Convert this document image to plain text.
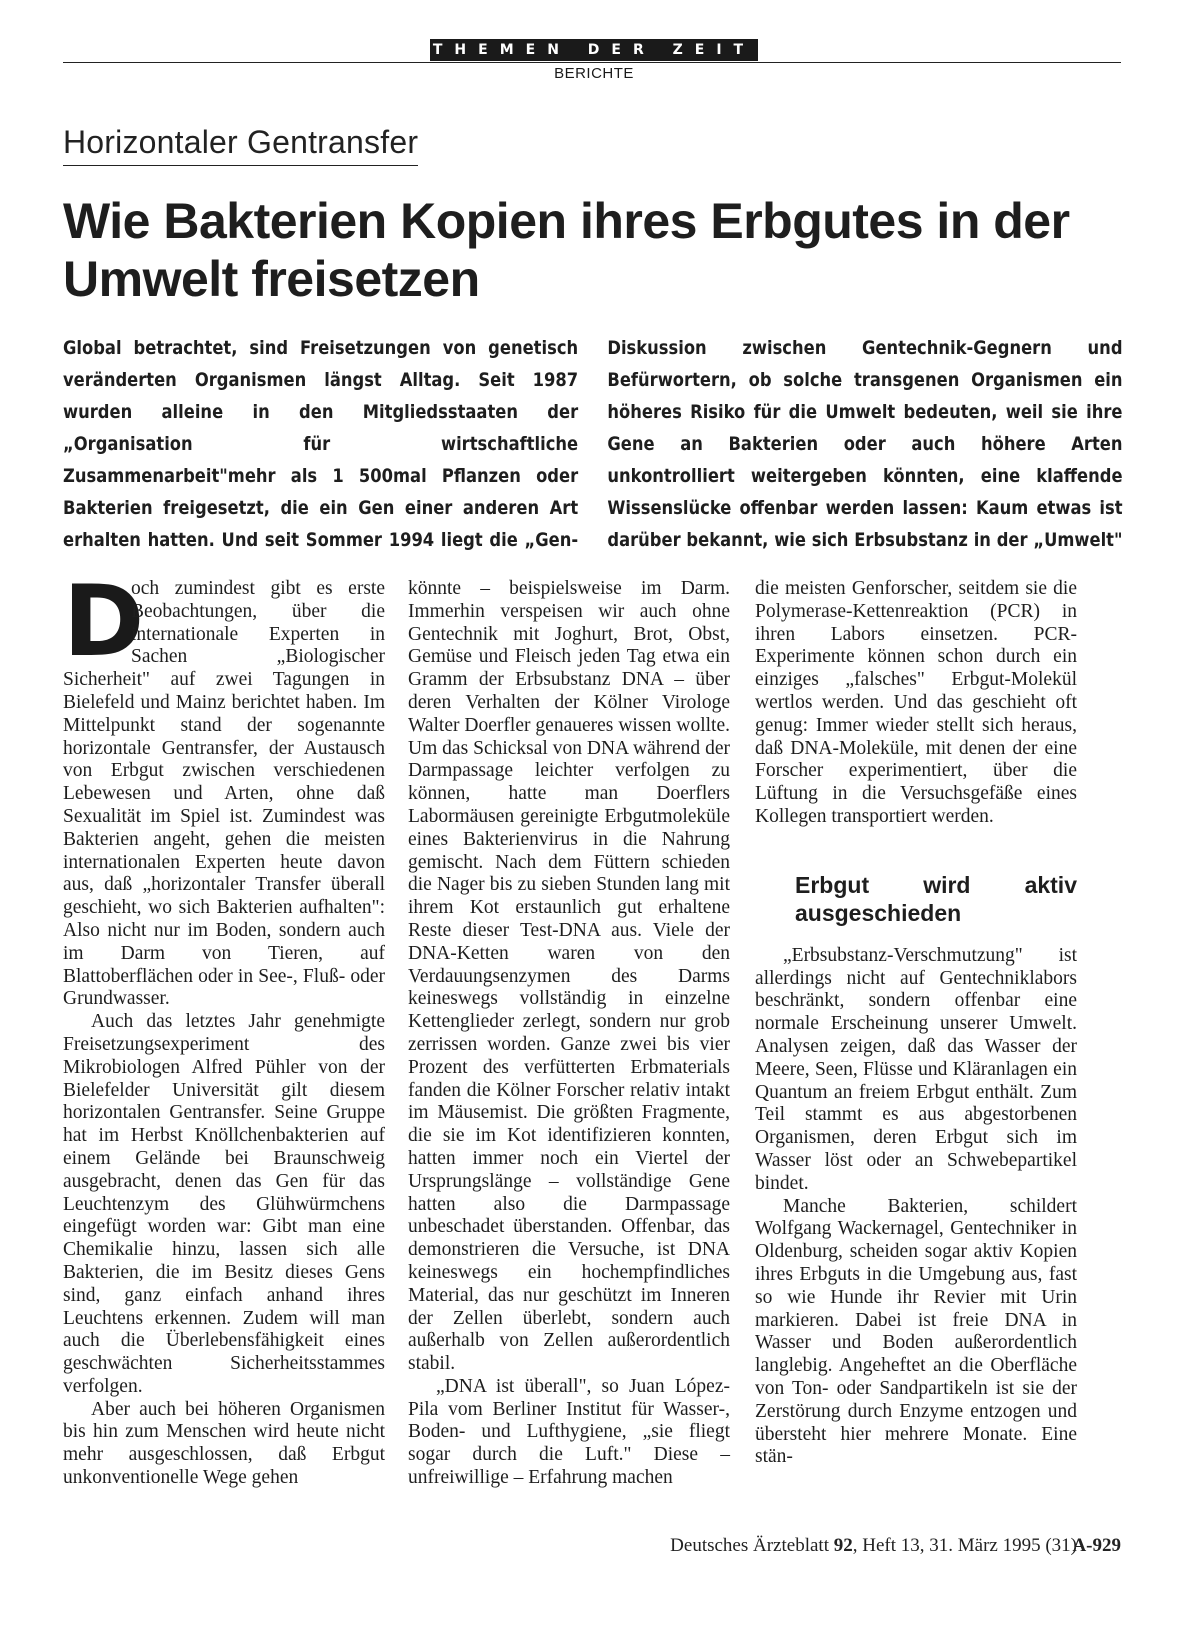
THEMEN DER ZEIT
BERICHTE
Horizontaler Gentransfer
Wie Bakterien Kopien ihres Erbgutes in der Umwelt freisetzen
Global betrachtet, sind Freisetzungen von genetisch veränderten Organismen längst Alltag. Seit 1987 wurden alleine in den Mitgliedsstaaten der „Organisation für wirtschaftliche Zusammenarbeit"mehr als 1 500mal Pflanzen oder Bakterien freigesetzt, die ein Gen einer anderen Art erhalten hatten. Und seit Sommer 1994 liegt die „Gen- Diskussion zwischen Gentechnik-Gegnern und Befürwortern, ob solche transgenen Organismen ein höheres Risiko für die Umwelt bedeuten, weil sie ihre Gene an Bakterien oder auch höhere Arten unkontrolliert weitergeben könnten, eine klaffende Wissenslücke offenbar werden lassen: Kaum etwas ist darüber bekannt, wie sich Erbsubstanz in der „Umwelt"

D
och zumindest gibt es erste Beobachtungen, über die internationale Experten in Sachen „Biologischer Sicherheit" auf zwei Tagungen in Bielefeld und Mainz berichtet haben. Im Mittelpunkt stand der sogenannte horizontale Gentransfer, der Austausch von Erbgut zwischen verschiedenen Lebewesen und Arten, ohne daß Sexualität im Spiel ist. Zumindest was Bakterien angeht, gehen die meisten internationalen Experten heute davon aus, daß „horizontaler Transfer überall geschieht, wo sich Bakterien aufhalten": Also nicht nur im Boden, sondern auch im Darm von Tieren, auf Blattoberflächen oder in See-, Fluß- oder Grundwasser.

Auch das letztes Jahr genehmigte Freisetzungsexperiment des Mikrobiologen Alfred Pühler von der Bielefelder Universität gilt diesem horizontalen Gentransfer. Seine Gruppe hat im Herbst Knöllchenbakterien auf einem Gelände bei Braunschweig ausgebracht, denen das Gen für das Leuchtenzym des Glühwürmchens eingefügt worden war: Gibt man eine Chemikalie hinzu, lassen sich alle Bakterien, die im Besitz dieses Gens sind, ganz einfach anhand ihres Leuchtens erkennen. Zudem will man auch die Überlebensfähigkeit eines geschwächten Sicherheitsstammes verfolgen.

Aber auch bei höheren Organismen bis hin zum Menschen wird heute nicht mehr ausgeschlossen, daß Erbgut unkonventionelle Wege gehen

könnte – beispielsweise im Darm. Immerhin verspeisen wir auch ohne Gentechnik mit Joghurt, Brot, Obst, Gemüse und Fleisch jeden Tag etwa ein Gramm der Erbsubstanz DNA – über deren Verhalten der Kölner Virologe Walter Doerfler genaueres wissen wollte. Um das Schicksal von DNA während der Darmpassage leichter verfolgen zu können, hatte man Doerflers Labormäusen gereinigte Erbgutmoleküle eines Bakterienvirus in die Nahrung gemischt. Nach dem Füttern schieden die Nager bis zu sieben Stunden lang mit ihrem Kot erstaunlich gut erhaltene Reste dieser Test-DNA aus. Viele der DNA-Ketten waren von den Verdauungsenzymen des Darms keineswegs vollständig in einzelne Kettenglieder zerlegt, sondern nur grob zerrissen worden. Ganze zwei bis vier Prozent des verfütterten Erbmaterials fanden die Kölner Forscher relativ intakt im Mäusemist. Die größten Fragmente, die sie im Kot identifizieren konnten, hatten immer noch ein Viertel der Ursprungslänge – vollständige Gene hatten also die Darmpassage unbeschadet überstanden. Offenbar, das demonstrieren die Versuche, ist DNA keineswegs ein hochempfindliches Material, das nur geschützt im Inneren der Zellen überlebt, sondern auch außerhalb von Zellen außerordentlich stabil.

„DNA ist überall", so Juan López-Pila vom Berliner Institut für Wasser-, Boden- und Lufthygiene, „sie fliegt sogar durch die Luft." Diese – unfreiwillige – Erfahrung machen

die meisten Genforscher, seitdem sie die Polymerase-Kettenreaktion (PCR) in ihren Labors einsetzen. PCR-Experimente können schon durch ein einziges „falsches" Erbgut-Molekül wertlos werden. Und das geschieht oft genug: Immer wieder stellt sich heraus, daß DNA-Moleküle, mit denen der eine Forscher experimentiert, über die Lüftung in die Versuchsgefäße eines Kollegen transportiert werden.

Erbgut wird aktiv ausgeschieden

„Erbsubstanz-Verschmutzung" ist allerdings nicht auf Gentechniklabors beschränkt, sondern offenbar eine normale Erscheinung unserer Umwelt. Analysen zeigen, daß das Wasser der Meere, Seen, Flüsse und Kläranlagen ein Quantum an freiem Erbgut enthält. Zum Teil stammt es aus abgestorbenen Organismen, deren Erbgut sich im Wasser löst oder an Schwebepartikel bindet.

Manche Bakterien, schildert Wolfgang Wackernagel, Gentechniker in Oldenburg, scheiden sogar aktiv Kopien ihres Erbguts in die Umgebung aus, fast so wie Hunde ihr Revier mit Urin markieren. Dabei ist freie DNA in Wasser und Boden außerordentlich langlebig. Angeheftet an die Oberfläche von Ton- oder Sandpartikeln ist sie der Zerstörung durch Enzyme entzogen und übersteht hier mehrere Monate. Eine stän-

Deutsches Ärzteblatt 92, Heft 13, 31. März 1995 (31)
A-929
